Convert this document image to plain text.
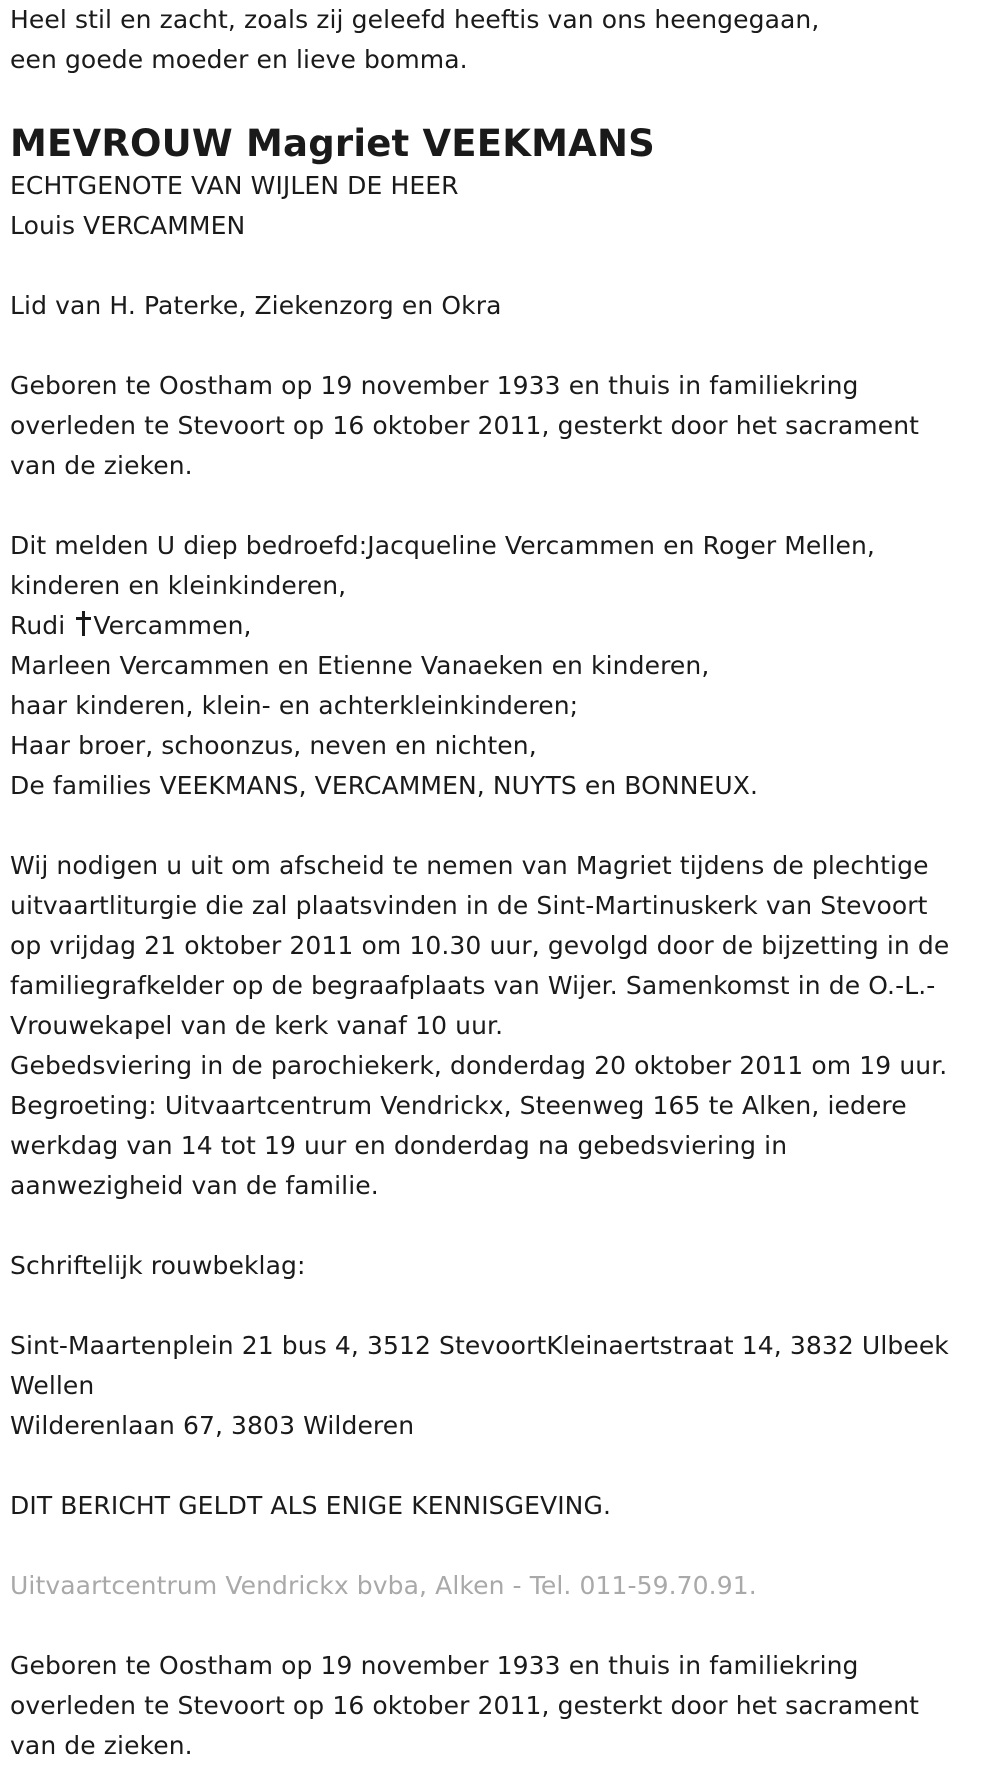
Heel stil en zacht, zoals zij geleefd heeftis van ons heengegaan,
een goede moeder en lieve bomma.
MEVROUW Magriet VEEKMANS
ECHTGENOTE VAN WIJLEN DE HEER
Louis VERCAMMEN
Lid van H. Paterke, Ziekenzorg en Okra
Geboren te Oostham op 19 november 1933 en thuis in familiekring
overleden te Stevoort op 16 oktober 2011, gesterkt door het sacrament
van de zieken.
Dit melden U diep bedroefd:Jacqueline Vercammen en Roger Mellen,
kinderen en kleinkinderen,
Rudi Vercammen,
Marleen Vercammen en Etienne Vanaeken en kinderen,
haar kinderen, klein- en achterkleinkinderen;
Haar broer, schoonzus, neven en nichten,
De families VEEKMANS, VERCAMMEN, NUYTS en BONNEUX.
Wij nodigen u uit om afscheid te nemen van Magriet tijdens de plechtige
uitvaartliturgie die zal plaatsvinden in de Sint-Martinuskerk van Stevoort
op vrijdag 21 oktober 2011 om 10.30 uur, gevolgd door de bijzetting in de
familiegrafkelder op de begraafplaats van Wijer. Samenkomst in de O.-L.-
Vrouwekapel van de kerk vanaf 10 uur.
Gebedsviering in de parochiekerk, donderdag 20 oktober 2011 om 19 uur.
Begroeting: Uitvaartcentrum Vendrickx, Steenweg 165 te Alken, iedere
werkdag van 14 tot 19 uur en donderdag na gebedsviering in
aanwezigheid van de familie.
Schriftelijk rouwbeklag:
Sint-Maartenplein 21 bus 4, 3512 StevoortKleinaertstraat 14, 3832 Ulbeek
Wellen
Wilderenlaan 67, 3803 Wilderen
DIT BERICHT GELDT ALS ENIGE KENNISGEVING.
Uitvaartcentrum Vendrickx bvba, Alken - Tel. 011-59.70.91.
Geboren te Oostham op 19 november 1933 en thuis in familiekring
overleden te Stevoort op 16 oktober 2011, gesterkt door het sacrament
van de zieken.
